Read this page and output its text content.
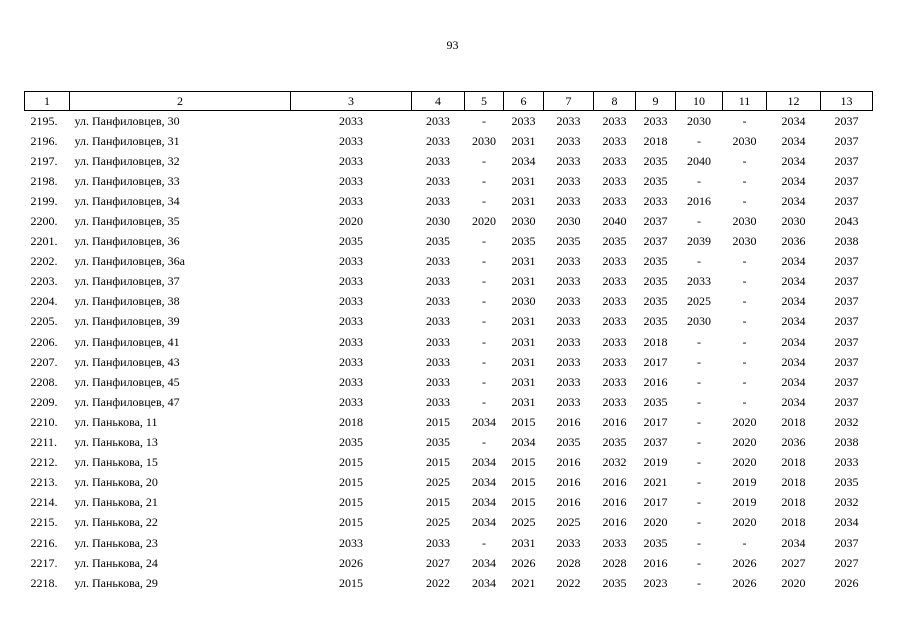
93
1	2	3	4	5	6	7	8	9	10	11	12	13
2195.	ул. Панфиловцев, 30	2033	2033	-	2033	2033	2033	2033	2030	-	2034	2037
2196.	ул. Панфиловцев, 31	2033	2033	2030	2031	2033	2033	2018	-	2030	2034	2037
2197.	ул. Панфиловцев, 32	2033	2033	-	2034	2033	2033	2035	2040	-	2034	2037
2198.	ул. Панфиловцев, 33	2033	2033	-	2031	2033	2033	2035	-	-	2034	2037
2199.	ул. Панфиловцев, 34	2033	2033	-	2031	2033	2033	2033	2016	-	2034	2037
2200.	ул. Панфиловцев, 35	2020	2030	2020	2030	2030	2040	2037	-	2030	2030	2043
2201.	ул. Панфиловцев, 36	2035	2035	-	2035	2035	2035	2037	2039	2030	2036	2038
2202.	ул. Панфиловцев, 36а	2033	2033	-	2031	2033	2033	2035	-	-	2034	2037
2203.	ул. Панфиловцев, 37	2033	2033	-	2031	2033	2033	2035	2033	-	2034	2037
2204.	ул. Панфиловцев, 38	2033	2033	-	2030	2033	2033	2035	2025	-	2034	2037
2205.	ул. Панфиловцев, 39	2033	2033	-	2031	2033	2033	2035	2030	-	2034	2037
2206.	ул. Панфиловцев, 41	2033	2033	-	2031	2033	2033	2018	-	-	2034	2037
2207.	ул. Панфиловцев, 43	2033	2033	-	2031	2033	2033	2017	-	-	2034	2037
2208.	ул. Панфиловцев, 45	2033	2033	-	2031	2033	2033	2016	-	-	2034	2037
2209.	ул. Панфиловцев, 47	2033	2033	-	2031	2033	2033	2035	-	-	2034	2037
2210.	ул. Панькова, 11	2018	2015	2034	2015	2016	2016	2017	-	2020	2018	2032
2211.	ул. Панькова, 13	2035	2035	-	2034	2035	2035	2037	-	2020	2036	2038
2212.	ул. Панькова, 15	2015	2015	2034	2015	2016	2032	2019	-	2020	2018	2033
2213.	ул. Панькова, 20	2015	2025	2034	2015	2016	2016	2021	-	2019	2018	2035
2214.	ул. Панькова, 21	2015	2015	2034	2015	2016	2016	2017	-	2019	2018	2032
2215.	ул. Панькова, 22	2015	2025	2034	2025	2025	2016	2020	-	2020	2018	2034
2216.	ул. Панькова, 23	2033	2033	-	2031	2033	2033	2035	-	-	2034	2037
2217.	ул. Панькова, 24	2026	2027	2034	2026	2028	2028	2016	-	2026	2027	2027
2218.	ул. Панькова, 29	2015	2022	2034	2021	2022	2035	2023	-	2026	2020	2026
